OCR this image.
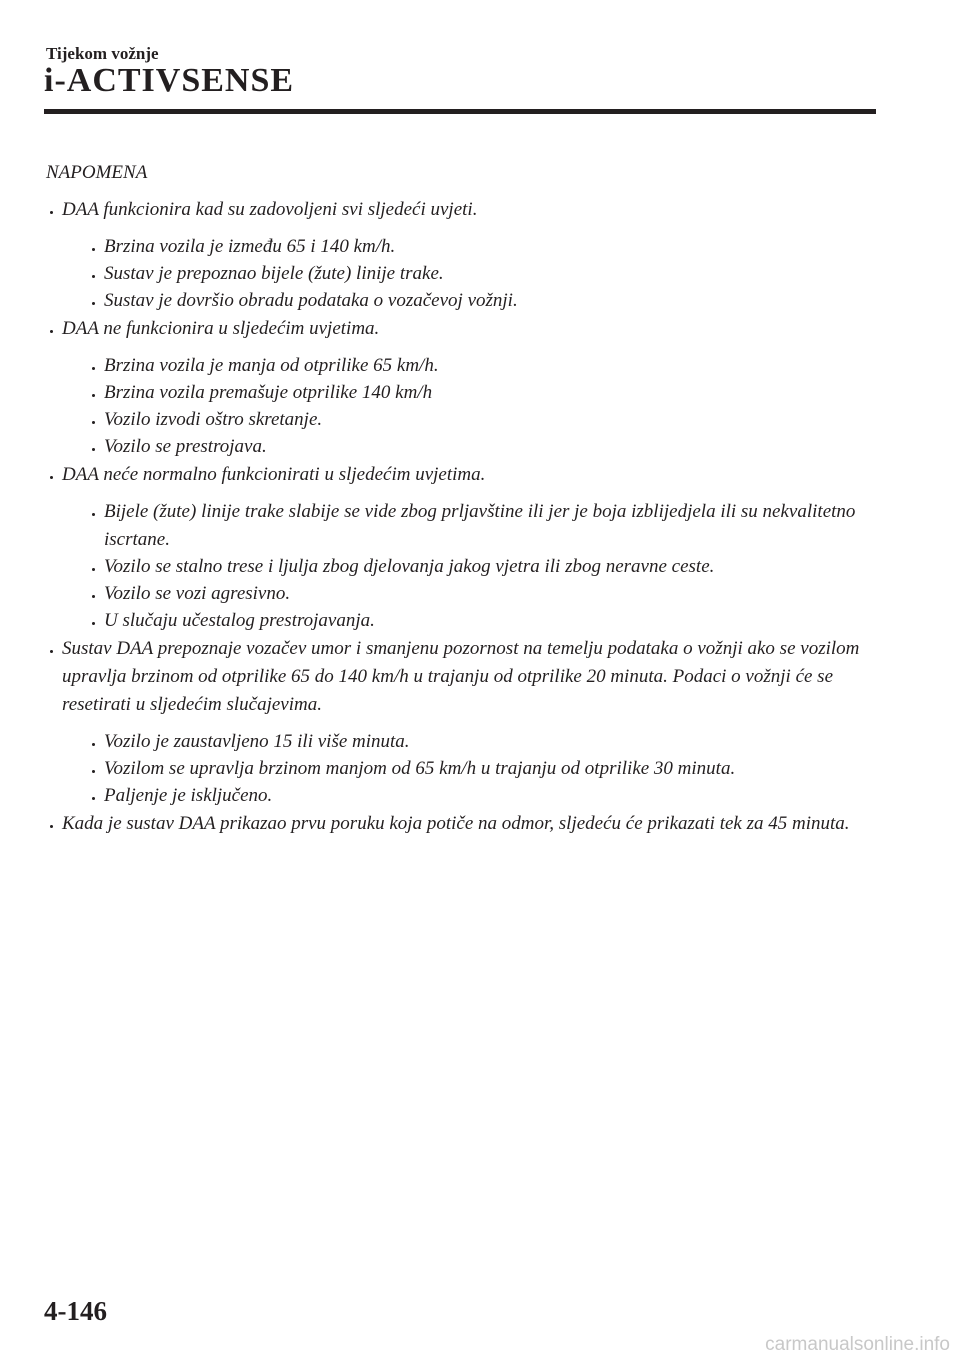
Tijekom vožnje
i-ACTIVSENSE
NAPOMENA
DAA funkcionira kad su zadovoljeni svi sljedeći uvjeti.
Brzina vozila je između 65 i 140 km/h.
Sustav je prepoznao bijele (žute) linije trake.
Sustav je dovršio obradu podataka o vozačevoj vožnji.
DAA ne funkcionira u sljedećim uvjetima.
Brzina vozila je manja od otprilike 65 km/h.
Brzina vozila premašuje otprilike 140 km/h
Vozilo izvodi oštro skretanje.
Vozilo se prestrojava.
DAA neće normalno funkcionirati u sljedećim uvjetima.
Bijele (žute) linije trake slabije se vide zbog prljavštine ili jer je boja izblijedjela ili su nekvalitetno iscrtane.
Vozilo se stalno trese i ljulja zbog djelovanja jakog vjetra ili zbog neravne ceste.
Vozilo se vozi agresivno.
U slučaju učestalog prestrojavanja.
Sustav DAA prepoznaje vozačev umor i smanjenu pozornost na temelju podataka o vožnji ako se vozilom upravlja brzinom od otprilike 65 do 140 km/h u trajanju od otprilike 20 minuta. Podaci o vožnji će se resetirati u sljedećim slučajevima.
Vozilo je zaustavljeno 15 ili više minuta.
Vozilom se upravlja brzinom manjom od 65 km/h u trajanju od otprilike 30 minuta.
Paljenje je isključeno.
Kada je sustav DAA prikazao prvu poruku koja potiče na odmor, sljedeću će prikazati tek za 45 minuta.
4-146
carmanualsonline.info
